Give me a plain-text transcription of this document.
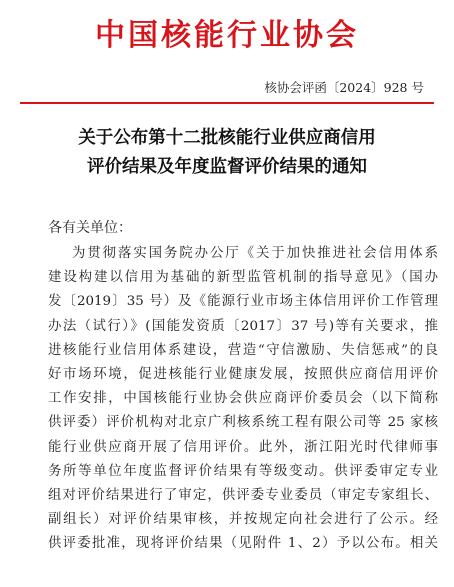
中国核能行业协会
核协会评函〔2024〕928 号
关于公布第十二批核能行业供应商信用
评价结果及年度监督评价结果的通知
各有关单位：
为贯彻落实国务院办公厅《关于加快推进社会信用体系
建设构建以信用为基础的新型监管机制的指导意见》（国办
发〔2019〕35 号）及《能源行业市场主体信用评价工作管理
办法（试行）》(国能发资质〔2017〕37 号)等有关要求，推
进核能行业信用体系建设，营造“守信激励、失信惩戒”的良
好市场环境，促进核能行业健康发展，按照供应商信用评价
工作安排，中国核能行业协会供应商评价委员会（以下简称
供评委）评价机构对北京广利核系统工程有限公司等 25 家核
能行业供应商开展了信用评价。此外，浙江阳光时代律师事
务所等单位年度监督评价结果有等级变动。供评委审定专业
组对评价结果进行了审定，供评委专业委员（审定专家组长、
副组长）对评价结果审核，并按规定向社会进行了公示。经
供评委批准，现将评价结果（见附件 1、2）予以公布。相关
